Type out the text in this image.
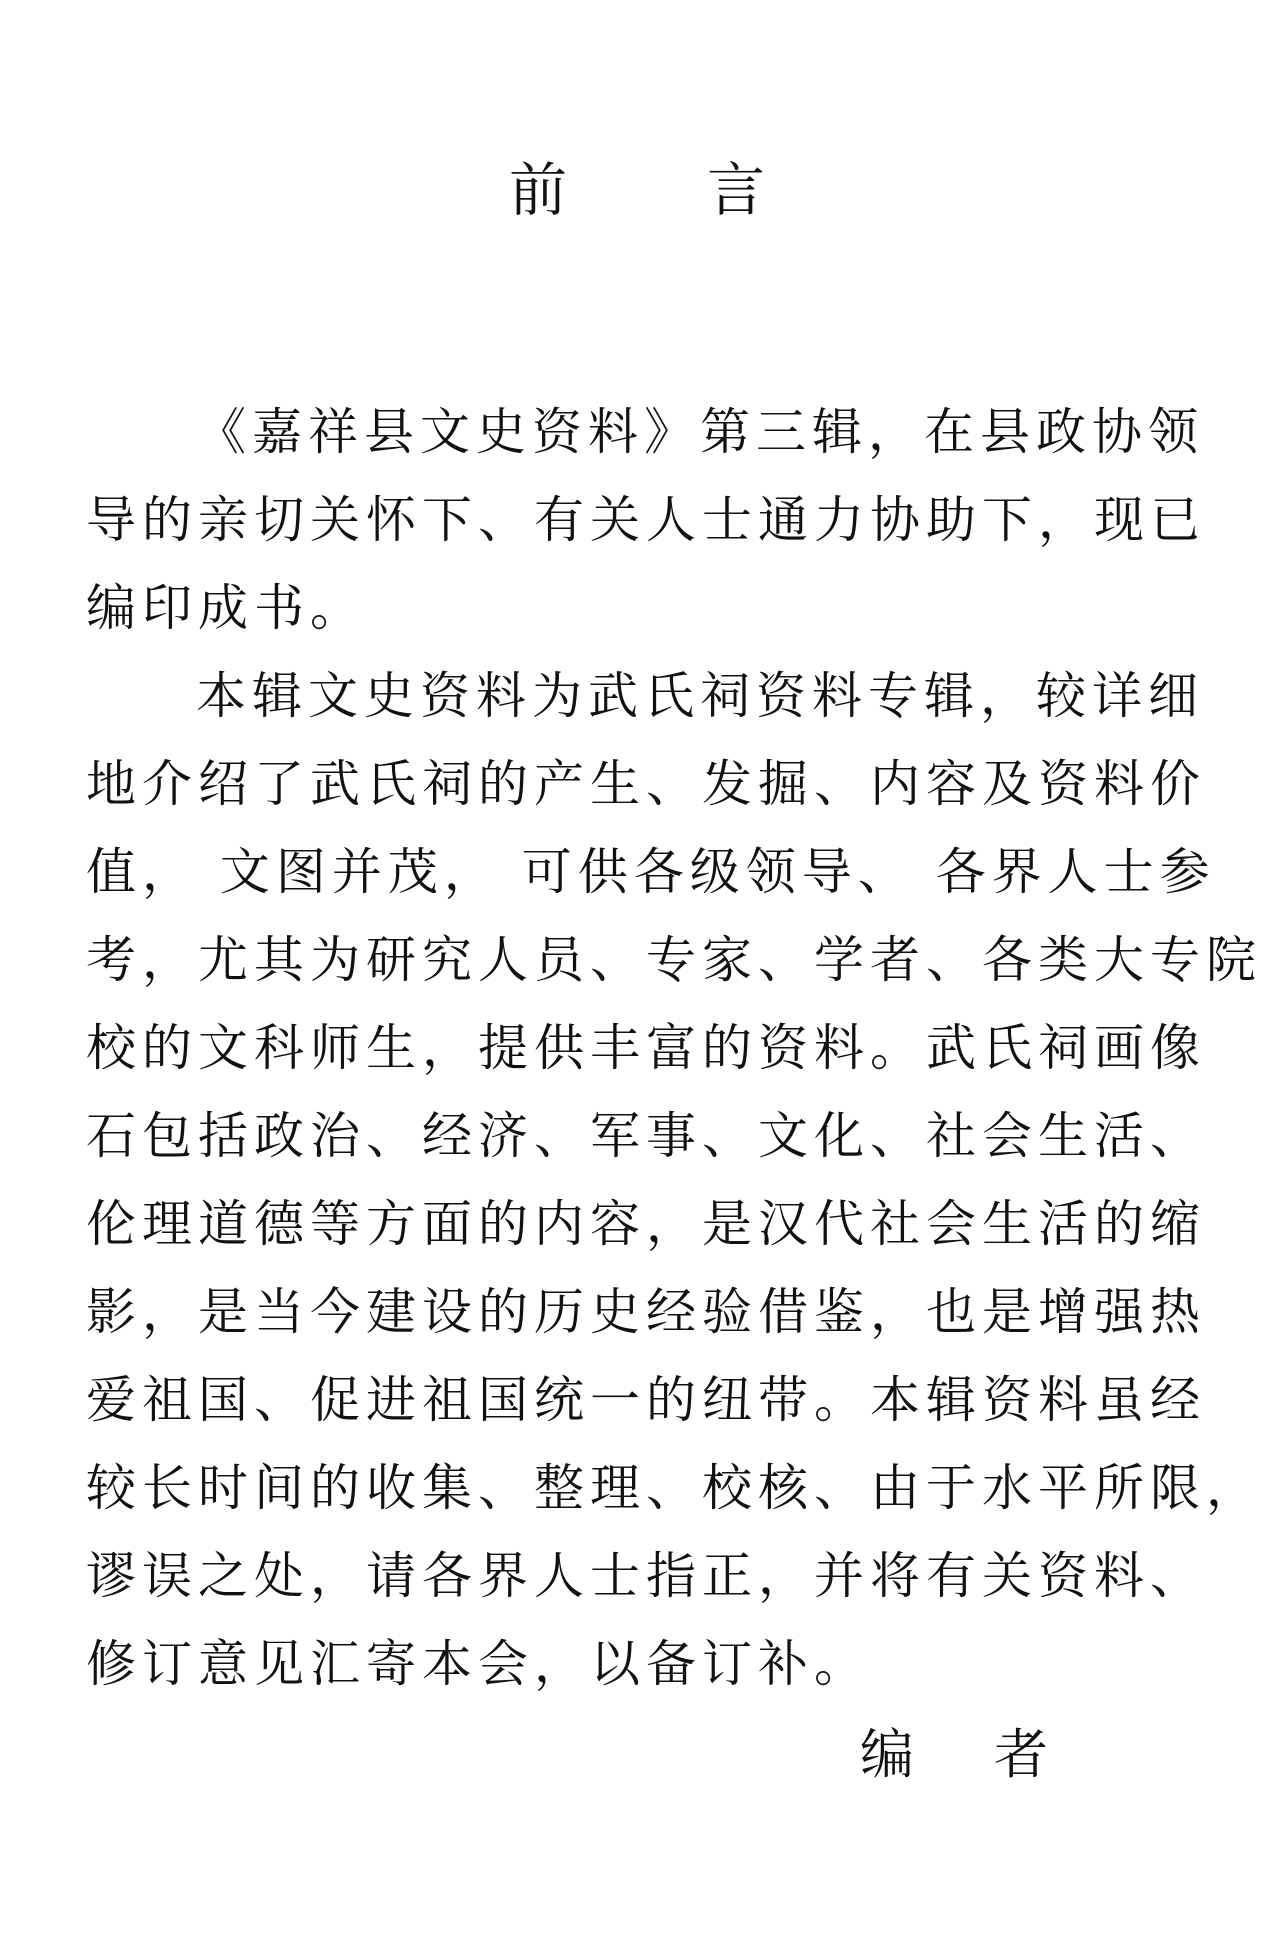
前 言
《嘉祥县文史资料》第三辑，在县政协领
导的亲切关怀下、有关人士通力协助下，现已
编印成书。
本辑文史资料为武氏祠资料专辑，较详细
地介绍了武氏祠的产生、发掘、内容及资料价
值， 文图并茂， 可供各级领导、 各界人士参
考，尤其为研究人员、专家、学者、各类大专院
校的文科师生，提供丰富的资料。武氏祠画像
石包括政治、经济、军事、文化、社会生活、
伦理道德等方面的内容，是汉代社会生活的缩
影，是当今建设的历史经验借鉴，也是增强热
爱祖国、促进祖国统一的纽带。本辑资料虽经
较长时间的收集、整理、校核、由于水平所限，
谬误之处，请各界人士指正，并将有关资料、
修订意见汇寄本会，以备订补。
编 者
